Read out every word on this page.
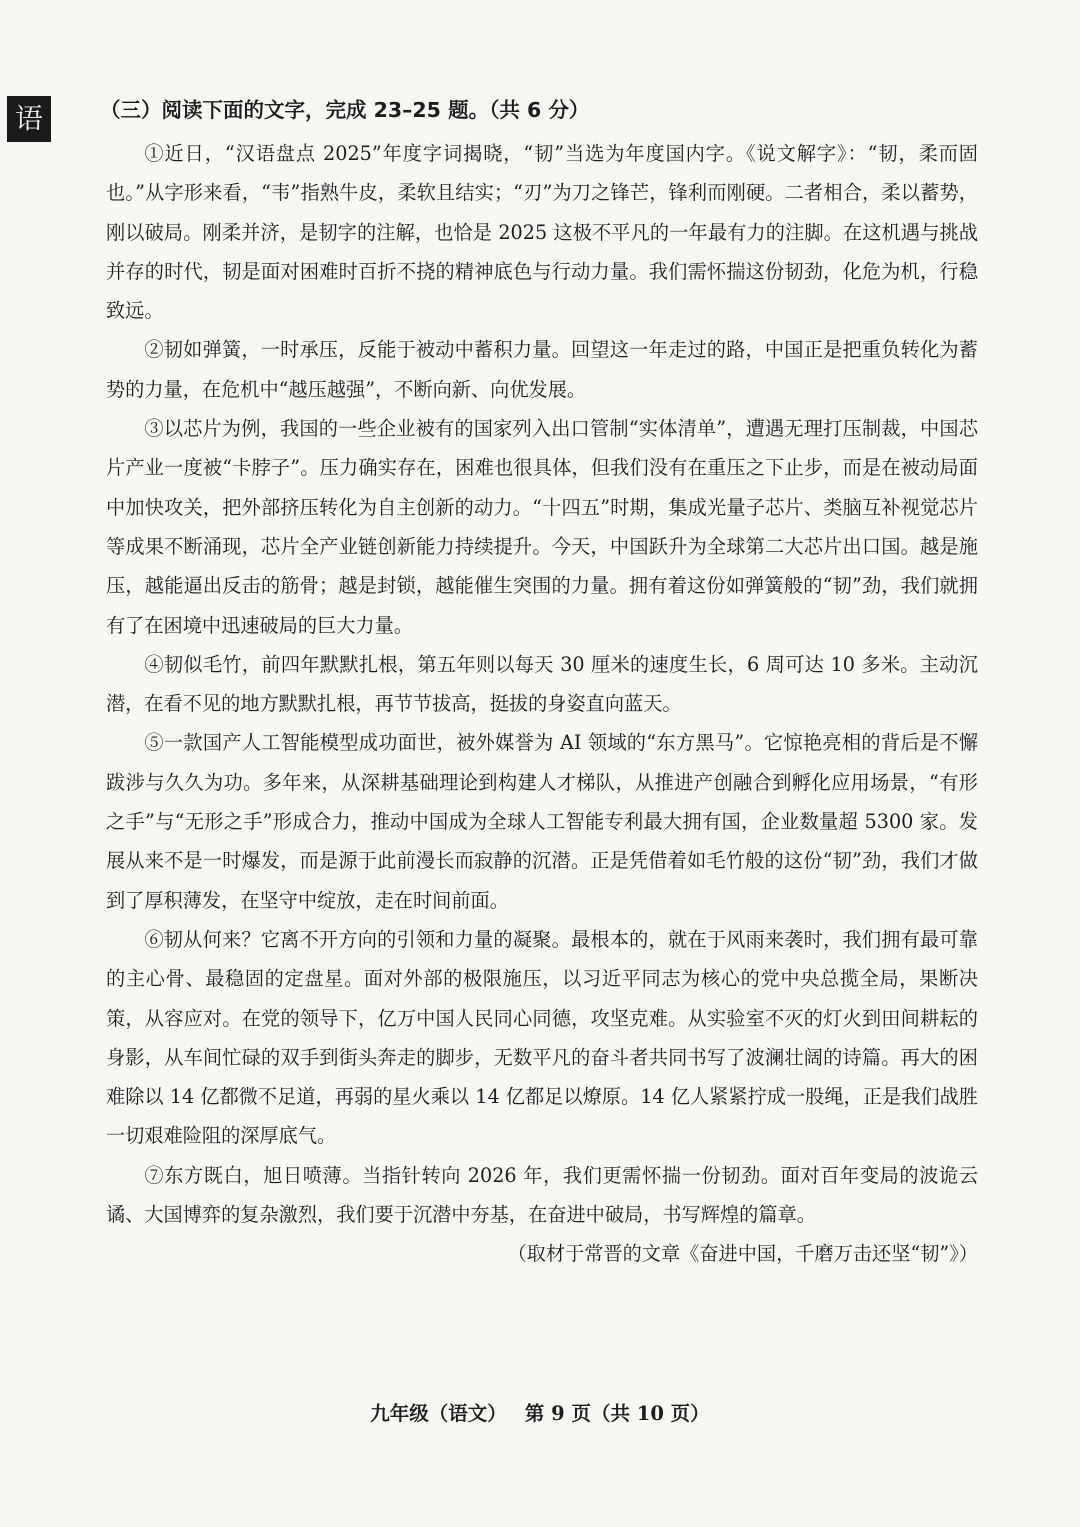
语	（三）阅读下面的文字，完成 23–25 题。（共 6 分）

①近日，“汉语盘点 2025”年度字词揭晓，“韧”当选为年度国内字。《说文解字》：“韧，柔而固也。”从字形来看，“韦”指熟牛皮，柔软且结实；“刃”为刀之锋芒，锋利而刚硬。二者相合，柔以蓄势，刚以破局。刚柔并济，是韧字的注解，也恰是 2025 这极不平凡的一年最有力的注脚。在这机遇与挑战并存的时代，韧是面对困难时百折不挠的精神底色与行动力量。我们需怀揣这份韧劲，化危为机，行稳致远。

②韧如弹簧，一时承压，反能于被动中蓄积力量。回望这一年走过的路，中国正是把重负转化为蓄势的力量，在危机中“越压越强”，不断向新、向优发展。

③以芯片为例，我国的一些企业被有的国家列入出口管制“实体清单”，遭遇无理打压制裁，中国芯片产业一度被“卡脖子”。压力确实存在，困难也很具体，但我们没有在重压之下止步，而是在被动局面中加快攻关，把外部挤压转化为自主创新的动力。“十四五”时期，集成光量子芯片、类脑互补视觉芯片等成果不断涌现，芯片全产业链创新能力持续提升。今天，中国跃升为全球第二大芯片出口国。越是施压，越能逼出反击的筋骨；越是封锁，越能催生突围的力量。拥有着这份如弹簧般的“韧”劲，我们就拥有了在困境中迅速破局的巨大力量。

④韧似毛竹，前四年默默扎根，第五年则以每天 30 厘米的速度生长，6 周可达 10 多米。主动沉潜，在看不见的地方默默扎根，再节节拔高，挺拔的身姿直向蓝天。

⑤一款国产人工智能模型成功面世，被外媒誉为 AI 领域的“东方黑马”。它惊艳亮相的背后是不懈跋涉与久久为功。多年来，从深耕基础理论到构建人才梯队，从推进产创融合到孵化应用场景，“有形之手”与“无形之手”形成合力，推动中国成为全球人工智能专利最大拥有国，企业数量超 5300 家。发展从来不是一时爆发，而是源于此前漫长而寂静的沉潜。正是凭借着如毛竹般的这份“韧”劲，我们才做到了厚积薄发，在坚守中绽放，走在时间前面。

⑥韧从何来？它离不开方向的引领和力量的凝聚。最根本的，就在于风雨来袭时，我们拥有最可靠的主心骨、最稳固的定盘星。面对外部的极限施压，以习近平同志为核心的党中央总揽全局，果断决策，从容应对。在党的领导下，亿万中国人民同心同德，攻坚克难。从实验室不灭的灯火到田间耕耘的身影，从车间忙碌的双手到街头奔走的脚步，无数平凡的奋斗者共同书写了波澜壮阔的诗篇。再大的困难除以 14 亿都微不足道，再弱的星火乘以 14 亿都足以燎原。14 亿人紧紧拧成一股绳，正是我们战胜一切艰难险阻的深厚底气。

⑦东方既白，旭日喷薄。当指针转向 2026 年，我们更需怀揣一份韧劲。面对百年变局的波诡云谲、大国博弈的复杂激烈，我们要于沉潜中夯基，在奋进中破局，书写辉煌的篇章。

（取材于常晋的文章《奋进中国，千磨万击还坚“韧”》）

九年级（语文） 第 9 页（共 10 页）
